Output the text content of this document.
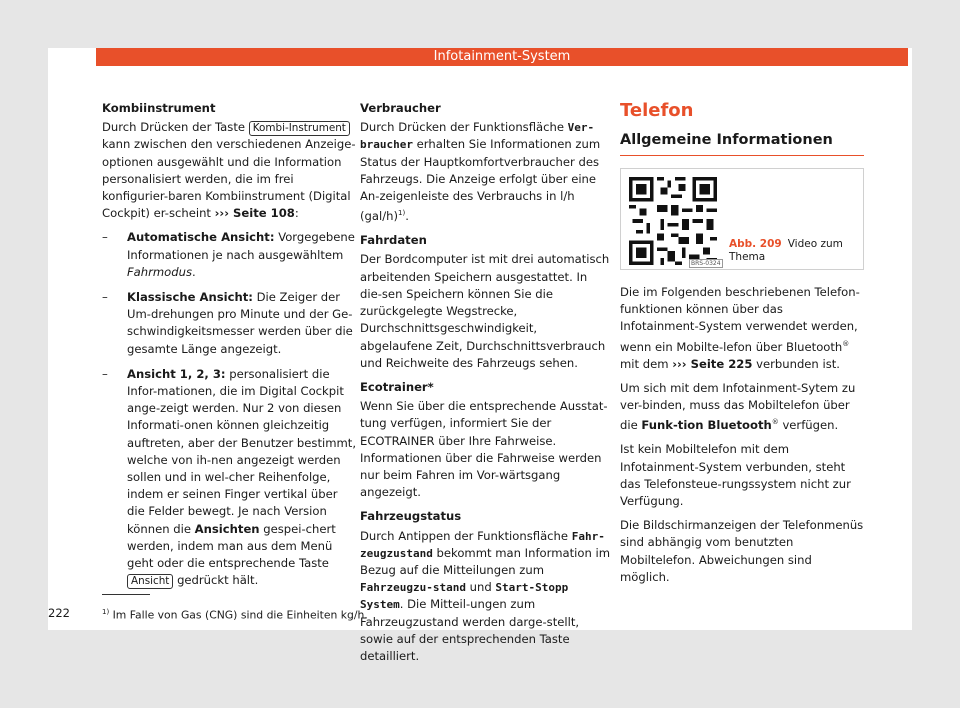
Infotainment-System

Kombiinstrument

Durch Drücken der Taste Kombi-Instrument kann zwischen den verschiedenen Anzeige-optionen ausgewählt und die Information personalisiert werden, die im frei konfigurier-baren Kombiinstrument (Digital Cockpit) er-scheint ››› Seite 108:

– Automatische Ansicht: Vorgegebene Informationen je nach ausgewähltem Fahrmodus.
– Klassische Ansicht: Die Zeiger der Um-drehungen pro Minute und der Ge-schwindigkeitsmesser werden über die gesamte Länge angezeigt.
– Ansicht 1, 2, 3: personalisiert die Infor-mationen, die im Digital Cockpit ange-zeigt werden. Nur 2 von diesen Informati-onen können gleichzeitig auftreten, aber der Benutzer bestimmt, welche von ih-nen angezeigt werden sollen und in wel-cher Reihenfolge, indem er seinen Finger vertikal über die Felder bewegt. Je nach Version können die Ansichten gespei-chert werden, indem man aus dem Menü geht oder die entsprechende Taste Ansicht gedrückt hält.

Verbraucher

Durch Drücken der Funktionsfläche Ver-braucher erhalten Sie Informationen zum Status der Hauptkomfortverbraucher des Fahrzeugs. Die Anzeige erfolgt über eine An-zeigenleiste des Verbrauchs in l/h $(gal/h)^{1)}$.

Fahrdaten

Der Bordcomputer ist mit drei automatisch arbeitenden Speichern ausgestattet. In die-sen Speichern können Sie die zurückgelegte Wegstrecke, Durchschnittsgeschwindigkeit, abgelaufene Zeit, Durchschnittsverbrauch und Reichweite des Fahrzeugs sehen.

Ecotrainer*

Wenn Sie über die entsprechende Ausstat-tung verfügen, informiert Sie der ECOTRAINER über Ihre Fahrweise. Informationen über die Fahrweise werden nur beim Fahren im Vor-wärtsgang angezeigt.

Fahrzeugstatus

Durch Antippen der Funktionsfläche Fahr-zeugzustand bekommt man Information im Bezug auf die Mitteilungen zum Fahrzeugzu-stand und Start-Stopp System. Die Mitteil-ungen zum Fahrzeugzustand werden darge-stellt, sowie auf der entsprechenden Taste detailliert.

Telefon
Allgemeine Informationen
BRS-0324
Abb. 209 Video zum Thema

Die im Folgenden beschriebenen Telefon-funktionen können über das Infotainment-System verwendet werden, wenn ein Mobilte-lefon über Bluetooth® mit dem ››› Seite 225 verbunden ist.

Um sich mit dem Infotainment-Sytem zu ver-binden, muss das Mobiltelefon über die Funk-tion Bluetooth® verfügen.

Ist kein Mobiltelefon mit dem Infotainment-System verbunden, steht das Telefonsteue-rungssystem nicht zur Verfügung.

Die Bildschirmanzeigen der Telefonmenüs sind abhängig vom benutzten Mobiltelefon. Abweichungen sind möglich.

$^{1)}$ Im Falle von Gas (CNG) sind die Einheiten kg/h.
222
